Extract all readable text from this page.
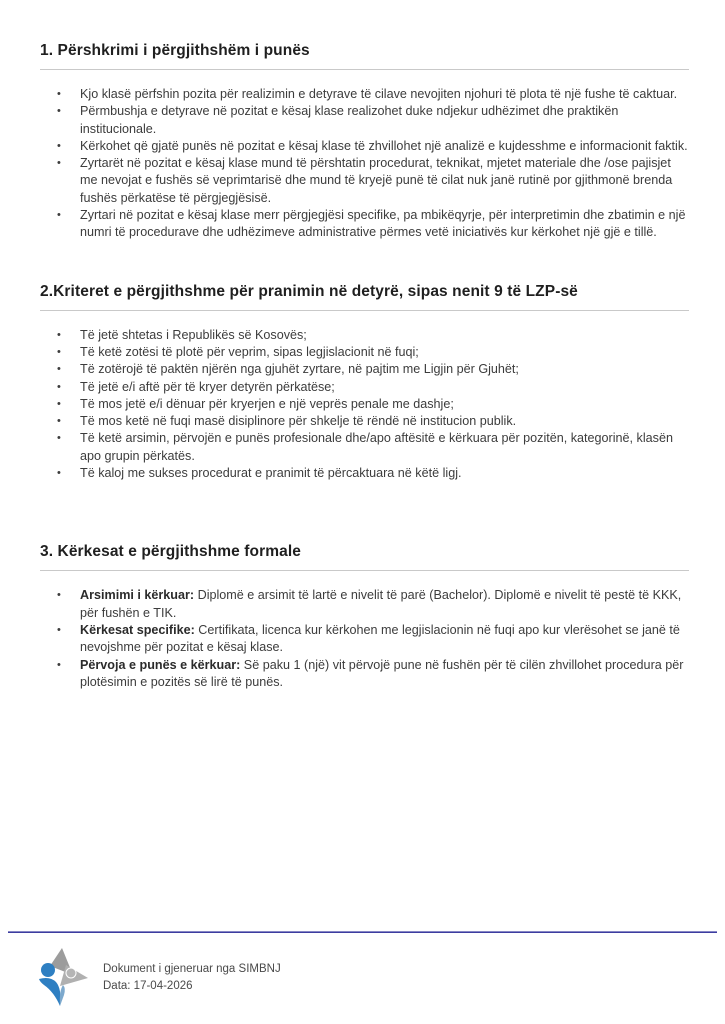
1. Përshkrimi i përgjithshëm i punës
• Kjo klasë përfshin pozita për realizimin e detyrave të cilave nevojiten njohuri të plota të një fushe të caktuar.
• Përmbushja e detyrave në pozitat e kësaj klase realizohet duke ndjekur udhëzimet dhe praktikën institucionale.
• Kërkohet që gjatë punës në pozitat e kësaj klase të zhvillohet një analizë e kujdesshme e informacionit faktik.
• Zyrtarët në pozitat e kësaj klase mund të përshtatin procedurat, teknikat, mjetet materiale dhe /ose pajisjet me nevojat e fushës së veprimtarisë dhe mund të kryejë punë të cilat nuk janë rutinë por gjithmonë brenda fushës përkatëse të përgjegjësisë.
• Zyrtari në pozitat e kësaj klase merr përgjegjësi specifike, pa mbikëqyrje, për interpretimin dhe zbatimin e një numri të procedurave dhe udhëzimeve administrative përmes vetë iniciativës kur kërkohet një gjë e tillë.
2.Kriteret e përgjithshme për pranimin në detyrë, sipas nenit 9 të LZP-së
• Të jetë shtetas i Republikës së Kosovës;
• Të ketë zotësi të plotë për veprim, sipas legjislacionit në fuqi;
• Të zotërojë të paktën njërën nga gjuhët zyrtare, në pajtim me Ligjin për Gjuhët;
• Të jetë e/i aftë për të kryer detyrën përkatëse;
• Të mos jetë e/i dënuar për kryerjen e një veprës penale me dashje;
• Të mos ketë në fuqi masë disiplinore për shkelje të rëndë në institucion publik.
• Të ketë arsimin, përvojën e punës profesionale dhe/apo aftësitë e kërkuara për pozitën, kategorinë, klasën apo grupin përkatës.
• Të kaloj me sukses procedurat e pranimit të përcaktuara në këtë ligj.
3. Kërkesat e përgjithshme formale
• Arsimimi i kërkuar: Diplomë e arsimit të lartë e nivelit të parë (Bachelor). Diplomë e nivelit të pestë të KKK, për fushën e TIK.
• Kërkesat specifike: Certifikata, licenca kur kërkohen me legjislacionin në fuqi apo kur vlerësohet se janë të nevojshme për pozitat e kësaj klase.
• Përvoja e punës e kërkuar: Së paku 1 (një) vit përvojë pune në fushën për të cilën zhvillohet procedura për plotësimin e pozitës së lirë të punës.
Dokument i gjeneruar nga SIMBNJ
Data: 17-04-2026
